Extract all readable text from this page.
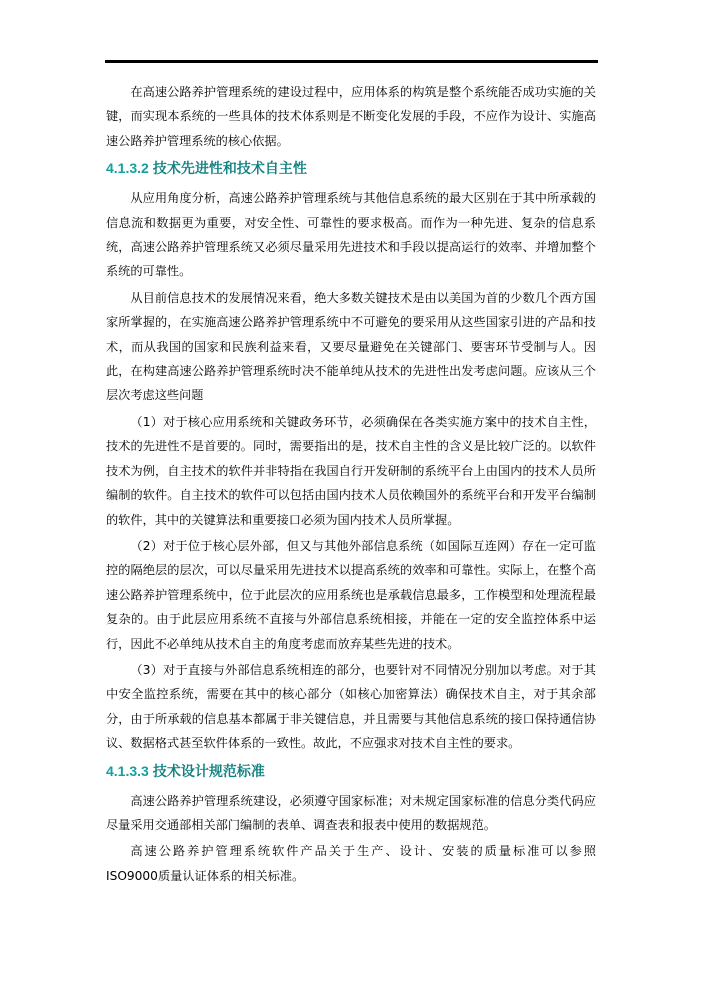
在高速公路养护管理系统的建设过程中，应用体系的构筑是整个系统能否成功实施的关键，而实现本系统的一些具体的技术体系则是不断变化发展的手段，不应作为设计、实施高速公路养护管理系统的核心依据。

4.1.3.2 技术先进性和技术自主性

从应用角度分析，高速公路养护管理系统与其他信息系统的最大区别在于其中所承载的信息流和数据更为重要，对安全性、可靠性的要求极高。而作为一种先进、复杂的信息系统，高速公路养护管理系统又必须尽量采用先进技术和手段以提高运行的效率、并增加整个系统的可靠性。

从目前信息技术的发展情况来看，绝大多数关键技术是由以美国为首的少数几个西方国家所掌握的，在实施高速公路养护管理系统中不可避免的要采用从这些国家引进的产品和技术，而从我国的国家和民族利益来看，又要尽量避免在关键部门、要害环节受制与人。因此，在构建高速公路养护管理系统时决不能单纯从技术的先进性出发考虑问题。应该从三个层次考虑这些问题

（1）对于核心应用系统和关键政务环节，必须确保在各类实施方案中的技术自主性，技术的先进性不是首要的。同时，需要指出的是，技术自主性的含义是比较广泛的。以软件技术为例，自主技术的软件并非特指在我国自行开发研制的系统平台上由国内的技术人员所编制的软件。自主技术的软件可以包括由国内技术人员依赖国外的系统平台和开发平台编制的软件，其中的关键算法和重要接口必须为国内技术人员所掌握。

（2）对于位于核心层外部，但又与其他外部信息系统（如国际互连网）存在一定可监控的隔绝层的层次，可以尽量采用先进技术以提高系统的效率和可靠性。实际上，在整个高速公路养护管理系统中，位于此层次的应用系统也是承载信息最多，工作模型和处理流程最复杂的。由于此层应用系统不直接与外部信息系统相接，并能在一定的安全监控体系中运行，因此不必单纯从技术自主的角度考虑而放弃某些先进的技术。

（3）对于直接与外部信息系统相连的部分，也要针对不同情况分别加以考虑。对于其中安全监控系统，需要在其中的核心部分（如核心加密算法）确保技术自主，对于其余部分，由于所承载的信息基本都属于非关键信息，并且需要与其他信息系统的接口保持通信协议、数据格式甚至软件体系的一致性。故此，不应强求对技术自主性的要求。

4.1.3.3 技术设计规范标准

高速公路养护管理系统建设，必须遵守国家标准；对未规定国家标准的信息分类代码应尽量采用交通部相关部门编制的表单、调查表和报表中使用的数据规范。

高速公路养护管理系统软件产品关于生产、设计、安装的质量标准可以参照　ISO9000质量认证体系的相关标准。
